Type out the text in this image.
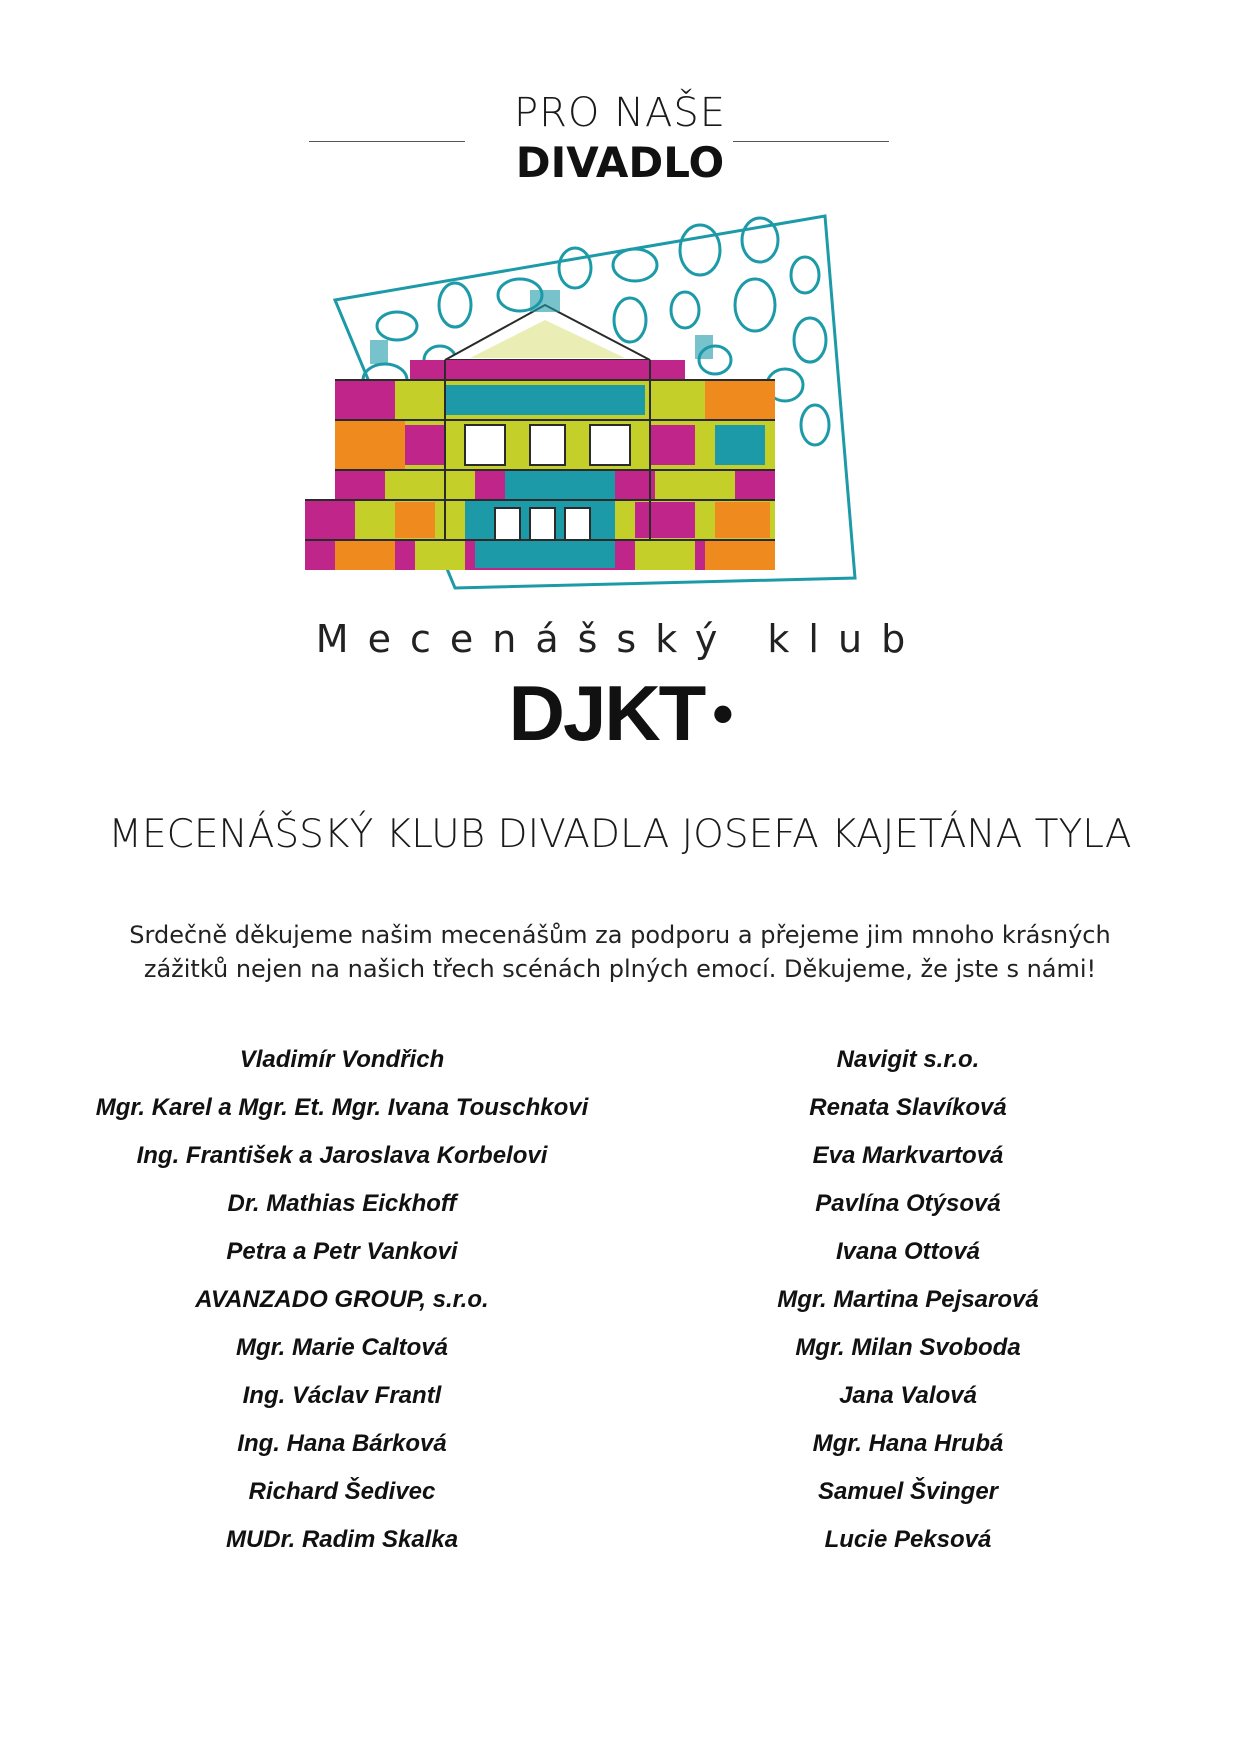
PRO NAŠE
DIVADLO
Mecenášský klub
DJKT •
MECENÁŠSKÝ KLUB DIVADLA JOSEFA KAJETÁNA TYLA
Srdečně děkujeme našim mecenášům za podporu a přejeme jim mnoho krásných
zážitků nejen na našich třech scénách plných emocí. Děkujeme, že jste s námi!
Vladimír Vondřich
Mgr. Karel a Mgr. Et. Mgr. Ivana Touschkovi
Ing. František a Jaroslava Korbelovi
Dr. Mathias Eickhoff
Petra a Petr Vankovi
AVANZADO GROUP, s.r.o.
Mgr. Marie Caltová
Ing. Václav Frantl
Ing. Hana Bárková
Richard Šedivec
MUDr. Radim Skalka
Navigit s.r.o.
Renata Slavíková
Eva Markvartová
Pavlína Otýsová
Ivana Ottová
Mgr. Martina Pejsarová
Mgr. Milan Svoboda
Jana Valová
Mgr. Hana Hrubá
Samuel Švinger
Lucie Peksová
